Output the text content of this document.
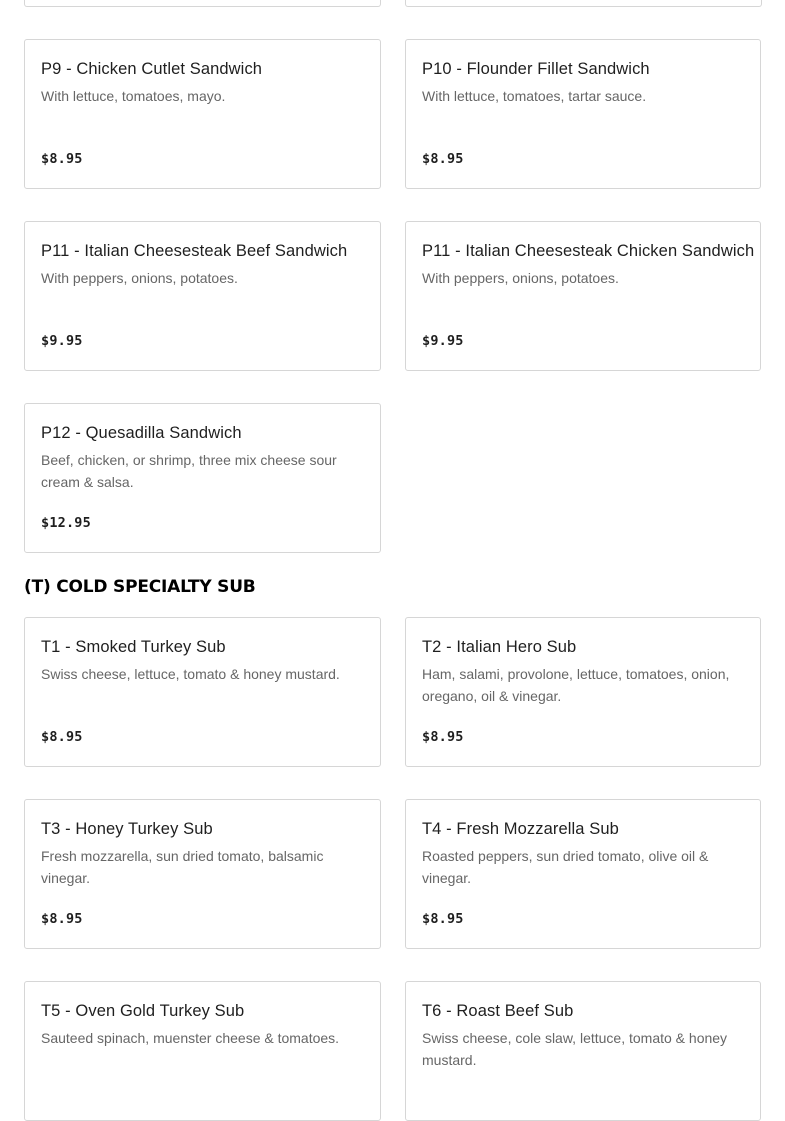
P9 - Chicken Cutlet Sandwich
With lettuce, tomatoes, mayo.
$8.95
P10 - Flounder Fillet Sandwich
With lettuce, tomatoes, tartar sauce.
$8.95
P11 - Italian Cheesesteak Beef Sandwich
With peppers, onions, potatoes.
$9.95
P11 - Italian Cheesesteak Chicken Sandwich
With peppers, onions, potatoes.
$9.95
P12 - Quesadilla Sandwich
Beef, chicken, or shrimp, three mix cheese sour cream & salsa.
$12.95
(T) COLD SPECIALTY SUB
T1 - Smoked Turkey Sub
Swiss cheese, lettuce, tomato & honey mustard.
$8.95
T2 - Italian Hero Sub
Ham, salami, provolone, lettuce, tomatoes, onion, oregano, oil & vinegar.
$8.95
T3 - Honey Turkey Sub
Fresh mozzarella, sun dried tomato, balsamic vinegar.
$8.95
T4 - Fresh Mozzarella Sub
Roasted peppers, sun dried tomato, olive oil & vinegar.
$8.95
T5 - Oven Gold Turkey Sub
Sauteed spinach, muenster cheese & tomatoes.
T6 - Roast Beef Sub
Swiss cheese, cole slaw, lettuce, tomato & honey mustard.
